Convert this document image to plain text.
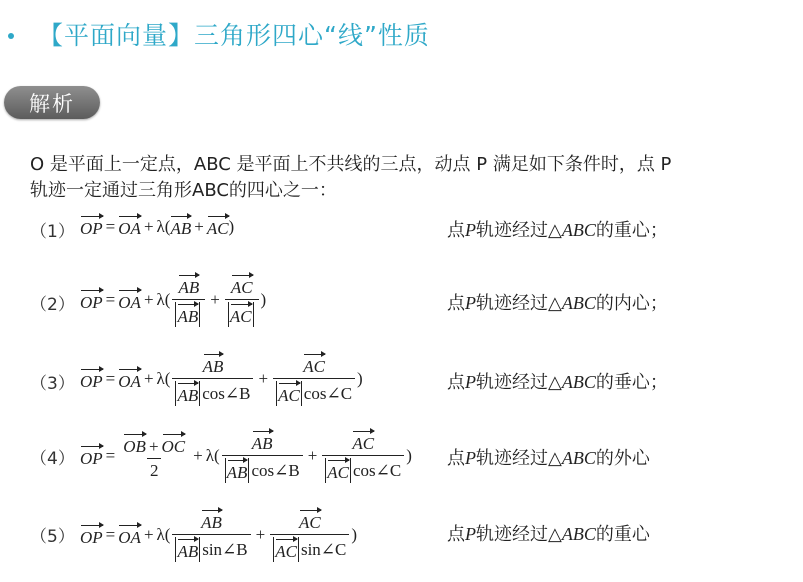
【平面向量】三角形四心“线”性质
解析
O 是平面上一定点，ABC 是平面上不共线的三点，动点 P 满足如下条件时，点 P
轨迹一定通过三角形ABC的四心之一：
（1） OP = OA + λ( AB + AC )	点P轨迹经过△ABC的重心；
（2） OP = OA + $\lambda( \frac{AB}{AB} + \frac{AC}{AC}$ )	点P轨迹经过△ABC的内心；
（3） OP = OA + $\lambda( \frac{AB}{\text{AB cos∠B}} + \frac{AC}{\text{AC cos∠C}}$ )	点P轨迹经过△ABC的垂心；
（4） OP = $\frac{OB + OC}{2} + \lambda( \frac{AB}{\text{AB cos∠B}} + \frac{AC}{\text{AC cos∠C}}$ ) 点P轨迹经过△ABC的外心
（5） OP = OA + $\lambda( \frac{AB}{\text{AB sin∠B}} + \frac{AC}{\text{AC sin∠C}}$ )	点P轨迹经过△ABC的重心
